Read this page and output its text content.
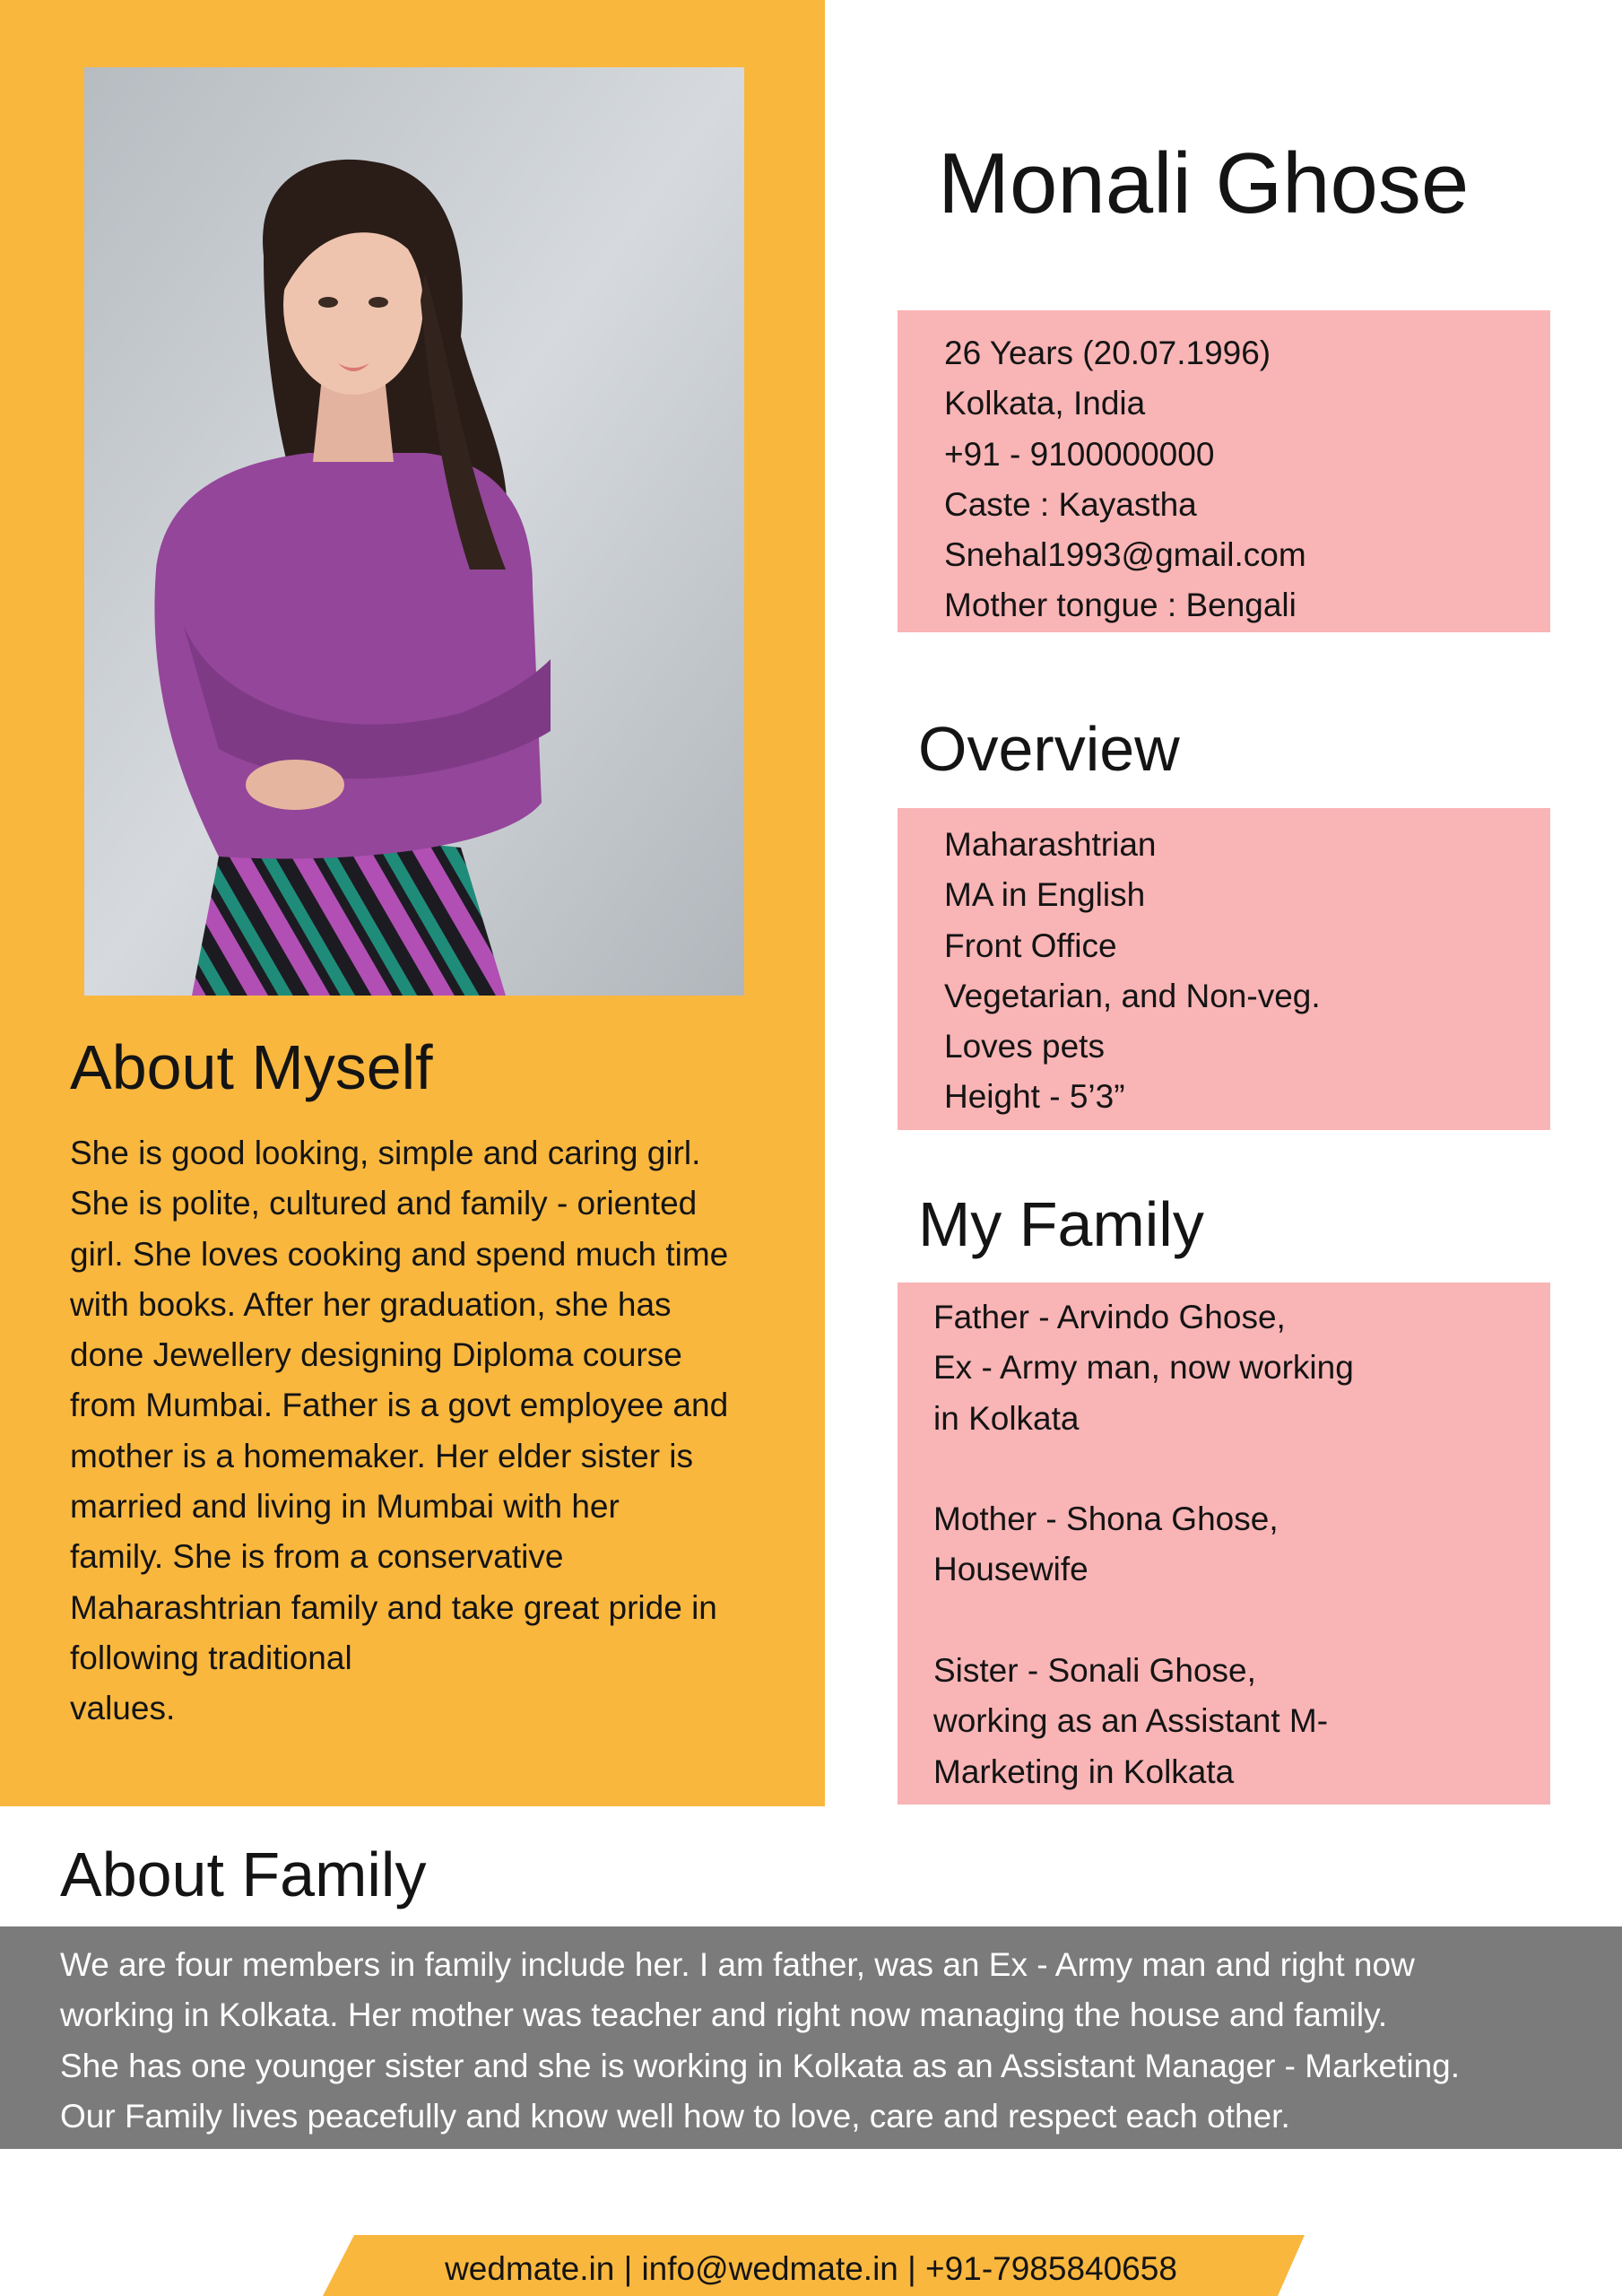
About Myself
She is good looking, simple and caring girl.
She is polite, cultured and family - oriented
girl. She loves cooking and spend much time
with books. After her graduation, she has
done Jewellery designing Diploma course
from Mumbai. Father is a govt employee and
mother is a homemaker. Her elder sister is
married and living in Mumbai with her
family. She is from a conservative
Maharashtrian family and take great pride in
following traditional
values.
Monali Ghose
26 Years (20.07.1996)
Kolkata, India
+91 - 9100000000
Caste : Kayastha
Snehal1993@gmail.com
Mother tongue : Bengali
Overview
Maharashtrian
MA in English
Front Office
Vegetarian, and Non-veg.
Loves pets
Height - 5’3”
My Family
Father - Arvindo Ghose,
Ex - Army man, now working
in Kolkata
Mother - Shona Ghose,
Housewife
Sister - Sonali Ghose,
working as an Assistant M-
Marketing in Kolkata
About Family
We are four members in family include her. I am father, was an Ex - Army man and right now
working in Kolkata. Her mother was teacher and right now managing the house and family.
She has one younger sister and she is working in Kolkata as an Assistant Manager - Marketing.
Our Family lives peacefully and know well how to love, care and respect each other.
wedmate.in | info@wedmate.in | +91-7985840658
